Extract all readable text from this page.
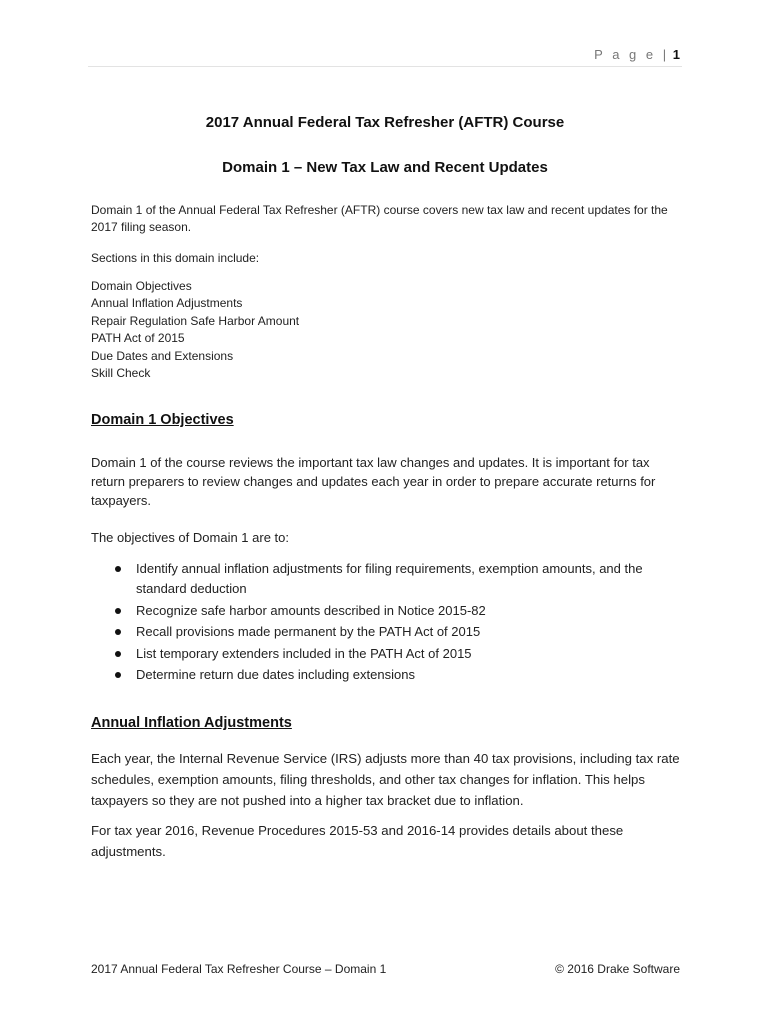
P a g e | 1
2017 Annual Federal Tax Refresher (AFTR) Course
Domain 1 – New Tax Law and Recent Updates
Domain 1 of the Annual Federal Tax Refresher (AFTR) course covers new tax law and recent updates for the 2017 filing season.
Sections in this domain include:
Domain Objectives
Annual Inflation Adjustments
Repair Regulation Safe Harbor Amount
PATH Act of 2015
Due Dates and Extensions
Skill Check
Domain 1 Objectives
Domain 1 of the course reviews the important tax law changes and updates. It is important for tax return preparers to review changes and updates each year in order to prepare accurate returns for taxpayers.
The objectives of Domain 1 are to:
Identify annual inflation adjustments for filing requirements, exemption amounts, and the standard deduction
Recognize safe harbor amounts described in Notice 2015-82
Recall provisions made permanent by the PATH Act of 2015
List temporary extenders included in the PATH Act of 2015
Determine return due dates including extensions
Annual Inflation Adjustments
Each year, the Internal Revenue Service (IRS) adjusts more than 40 tax provisions, including tax rate schedules, exemption amounts, filing thresholds, and other tax changes for inflation. This helps taxpayers so they are not pushed into a higher tax bracket due to inflation.
For tax year 2016, Revenue Procedures 2015-53 and 2016-14 provides details about these adjustments.
2017 Annual Federal Tax Refresher Course – Domain 1	© 2016 Drake Software
